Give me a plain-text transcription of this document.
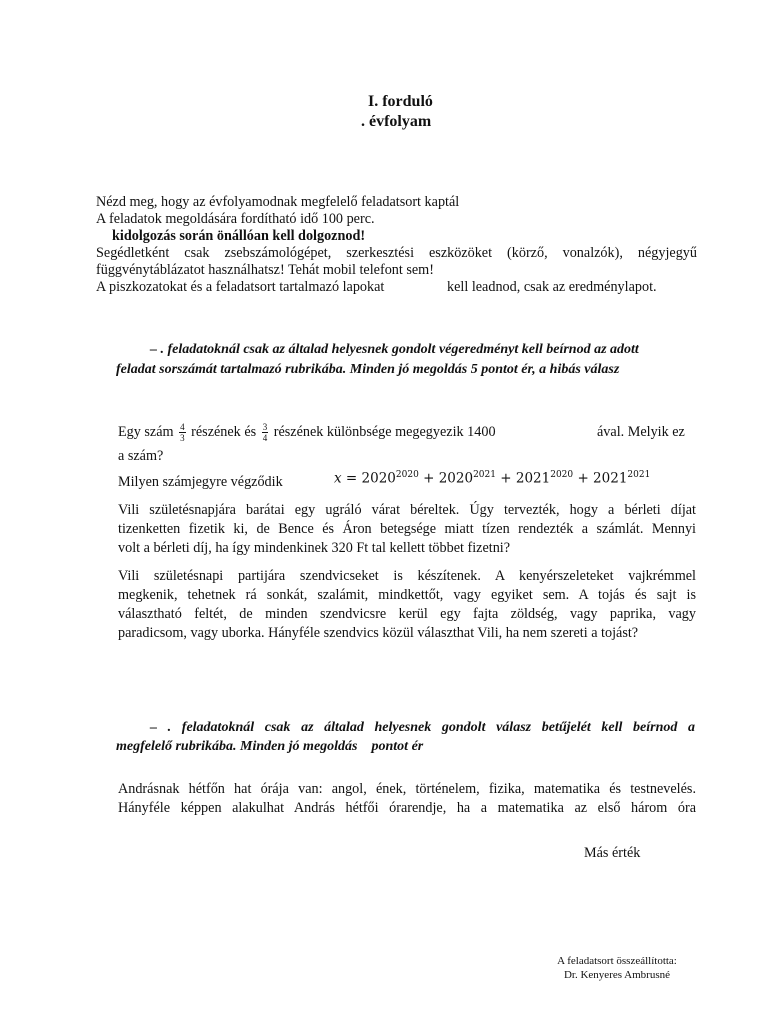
I. forduló
. évfolyam
Nézd meg, hogy az évfolyamodnak megfelelő feladatsort kaptál
A feladatok megoldására fordítható idő 100 perc.
kidolgozás során önállóan kell dolgoznod!
Segédletként csak zsebszámológépet, szerkesztési eszközöket (körző, vonalzók), négyjegyű
függvénytáblázatot használhatsz! Tehát mobil telefont sem!
A piszkozatokat és a feladatsort tartalmazó lapokat	kell leadnod, csak az eredménylapot.
– . feladatoknál csak az általad helyesnek gondolt végeredményt kell beírnod az adott
feladat sorszámát tartalmazó rubrikába. Minden jó megoldás 5 pontot ér, a hibás válasz
Egy szám $\frac{4}{3}$ részének és $\frac{3}{4}$ részének különbsége megegyezik 1400	ával. Melyik ez
a szám?
Milyen számjegyre végződik	$x = 2020^{2020} + 2020^{2021} + 2021^{2020} + 2021^{2021}$
Vili születésnapjára barátai egy ugráló várat béreltek. Úgy tervezték, hogy a bérleti díjat
tizenketten fizetik ki, de Bence és Áron betegsége miatt tízen rendezték a számlát. Mennyi
volt a bérleti díj, ha így mindenkinek 320 Ft tal kellett többet fizetni?
Vili születésnapi partijára szendvicseket is készítenek. A kenyérszeleteket vajkrémmel
megkenik, tehetnek rá sonkát, szalámit, mindkettőt, vagy egyiket sem. A tojás és sajt is
választható feltét, de minden szendvicsre kerül egy fajta zöldség, vagy paprika, vagy
paradicsom, vagy uborka. Hányféle szendvics közül választhat Vili, ha nem szereti a tojást?
– . feladatoknál csak az általad helyesnek gondolt válasz betűjelét kell beírnod a
megfelelő rubrikába. Minden jó megoldás    pontot ér
Andrásnak hétfőn hat órája van: angol, ének, történelem, fizika, matematika és testnevelés.
Hányféle képpen alakulhat András hétfői órarendje, ha a matematika az első három óra
Más érték
A feladatsort összeállította:
Dr. Kenyeres Ambrusné
